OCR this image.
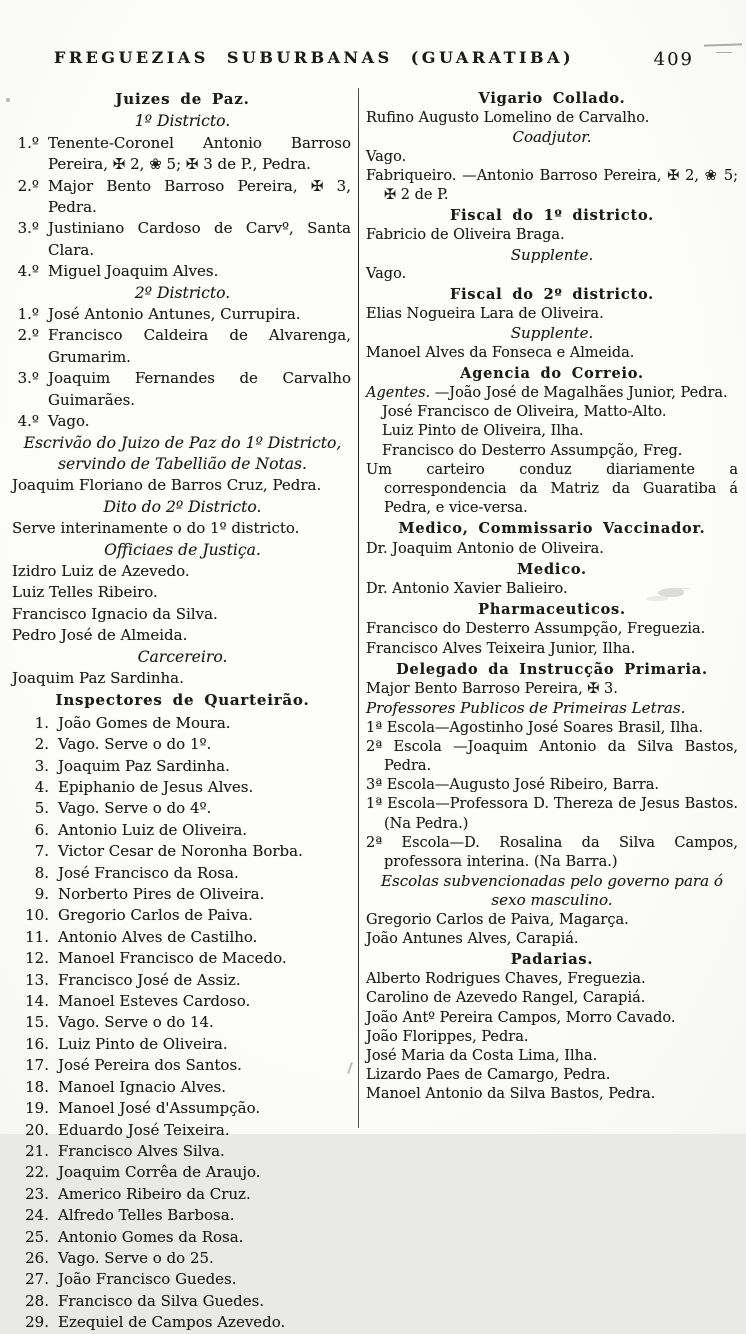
FREGUEZIAS SUBURBANAS (GUARATIBA)	409
Juizes de Paz.
1º Districto.
1.º Tenente-Coronel Antonio Barroso Pereira, ✠ 2, ❀ 5; ✠ 3 de P., Pedra.
2.º Major Bento Barroso Pereira, ✠ 3, Pedra.
3.º Justiniano Cardoso de Carvº, Santa Clara.
4.º Miguel Joaquim Alves.
2º Districto.
1.º José Antonio Antunes, Currupira.
2.º Francisco Caldeira de Alvarenga, Grumarim.
3.º Joaquim Fernandes de Carvalho Guimarães.
4.º Vago.
Escrivão do Juizo de Paz do 1º Districto, servindo de Tabellião de Notas.
Joaquim Floriano de Barros Cruz, Pedra.
Dito do 2º Districto.
Serve interinamente o do 1º districto.
Officiaes de Justiça.
Izidro Luiz de Azevedo.
Luiz Telles Ribeiro.
Francisco Ignacio da Silva.
Pedro José de Almeida.
Carcereiro.
Joaquim Paz Sardinha.
Inspectores de Quarteirão.
1. João Gomes de Moura.
2. Vago. Serve o do 1º.
3. Joaquim Paz Sardinha.
4. Epiphanio de Jesus Alves.
5. Vago. Serve o do 4º.
6. Antonio Luiz de Oliveira.
7. Victor Cesar de Noronha Borba.
8. José Francisco da Rosa.
9. Norberto Pires de Oliveira.
10. Gregorio Carlos de Paiva.
11. Antonio Alves de Castilho.
12. Manoel Francisco de Macedo.
13. Francisco José de Assiz.
14. Manoel Esteves Cardoso.
15. Vago. Serve o do 14.
16. Luiz Pinto de Oliveira.
17. José Pereira dos Santos.
18. Manoel Ignacio Alves.
19. Manoel José d'Assumpção.
20. Eduardo José Teixeira.
21. Francisco Alves Silva.
22. Joaquim Corrêa de Araujo.
23. Americo Ribeiro da Cruz.
24. Alfredo Telles Barbosa.
25. Antonio Gomes da Rosa.
26. Vago. Serve o do 25.
27. João Francisco Guedes.
28. Francisco da Silva Guedes.
29. Ezequiel de Campos Azevedo.
Vigario Collado.
Rufino Augusto Lomelino de Carvalho.
Coadjutor.
Vago.
Fabriqueiro. —Antonio Barroso Pereira, ✠ 2, ❀ 5; ✠ 2 de P.
Fiscal do 1º districto.
Fabricio de Oliveira Braga.
Supplente.
Vago.
Fiscal do 2º districto.
Elias Nogueira Lara de Oliveira.
Supplente.
Manoel Alves da Fonseca e Almeida.
Agencia do Correio.
Agentes. —João José de Magalhães Junior, Pedra.
José Francisco de Oliveira, Matto-Alto.
Luiz Pinto de Oliveira, Ilha.
Francisco do Desterro Assumpção, Freg.
Um carteiro conduz diariamente a correspondencia da Matriz da Guaratiba á Pedra, e vice-versa.
Medico, Commissario Vaccinador.
Dr. Joaquim Antonio de Oliveira.
Medico.
Dr. Antonio Xavier Balieiro.
Pharmaceuticos.
Francisco do Desterro Assumpção, Freguezia.
Francisco Alves Teixeira Junior, Ilha.
Delegado da Instrucção Primaria.
Major Bento Barroso Pereira, ✠ 3.
Professores Publicos de Primeiras Letras.
1ª Escola—Agostinho José Soares Brasil, Ilha.
2ª Escola —Joaquim Antonio da Silva Bastos, Pedra.
3ª Escola—Augusto José Ribeiro, Barra.
1ª Escola—Professora D. Thereza de Jesus Bastos. (Na Pedra.)
2ª Escola—D. Rosalina da Silva Campos, professora interina. (Na Barra.)
Escolas subvencionadas pelo governo para ó sexo masculino.
Gregorio Carlos de Paiva, Magarça.
João Antunes Alves, Carapiá.
Padarias.
Alberto Rodrigues Chaves, Freguezia.
Carolino de Azevedo Rangel, Carapiá.
João Antº Pereira Campos, Morro Cavado.
João Florippes, Pedra.
José Maria da Costa Lima, Ilha.
Lizardo Paes de Camargo, Pedra.
Manoel Antonio da Silva Bastos, Pedra.
